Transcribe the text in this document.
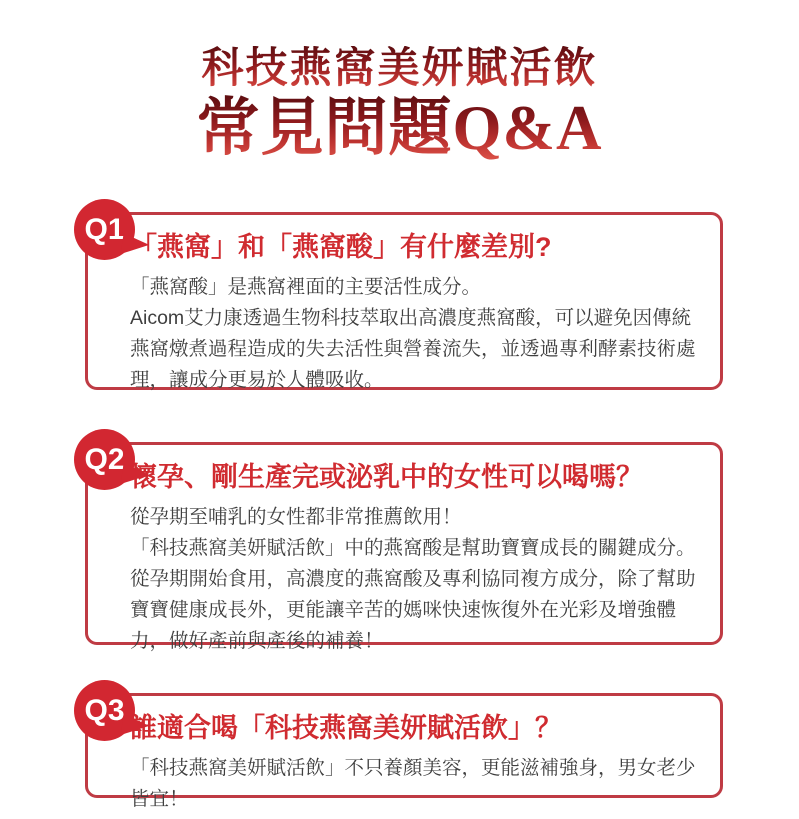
科技燕窩美妍賦活飲
常見問題Q&A
Q1
「燕窩」和「燕窩酸」有什麼差別?

「燕窩酸」是燕窩裡面的主要活性成分。

Aicom艾力康透過生物科技萃取出高濃度燕窩酸，可以避免因傳統燕窩燉煮過程造成的失去活性與營養流失，並透過專利酵素技術處理，讓成分更易於人體吸收。

Q2
懷孕、剛生產完或泌乳中的女性可以喝嗎？

從孕期至哺乳的女性都非常推薦飲用！

「科技燕窩美妍賦活飲」中的燕窩酸是幫助寶寶成長的關鍵成分。

從孕期開始食用，高濃度的燕窩酸及專利協同複方成分，除了幫助寶寶健康成長外，更能讓辛苦的媽咪快速恢復外在光彩及增強體力，做好產前與產後的補養！

Q3
誰適合喝「科技燕窩美妍賦活飲」？

「科技燕窩美妍賦活飲」不只養顏美容，更能滋補強身，男女老少皆宜！
